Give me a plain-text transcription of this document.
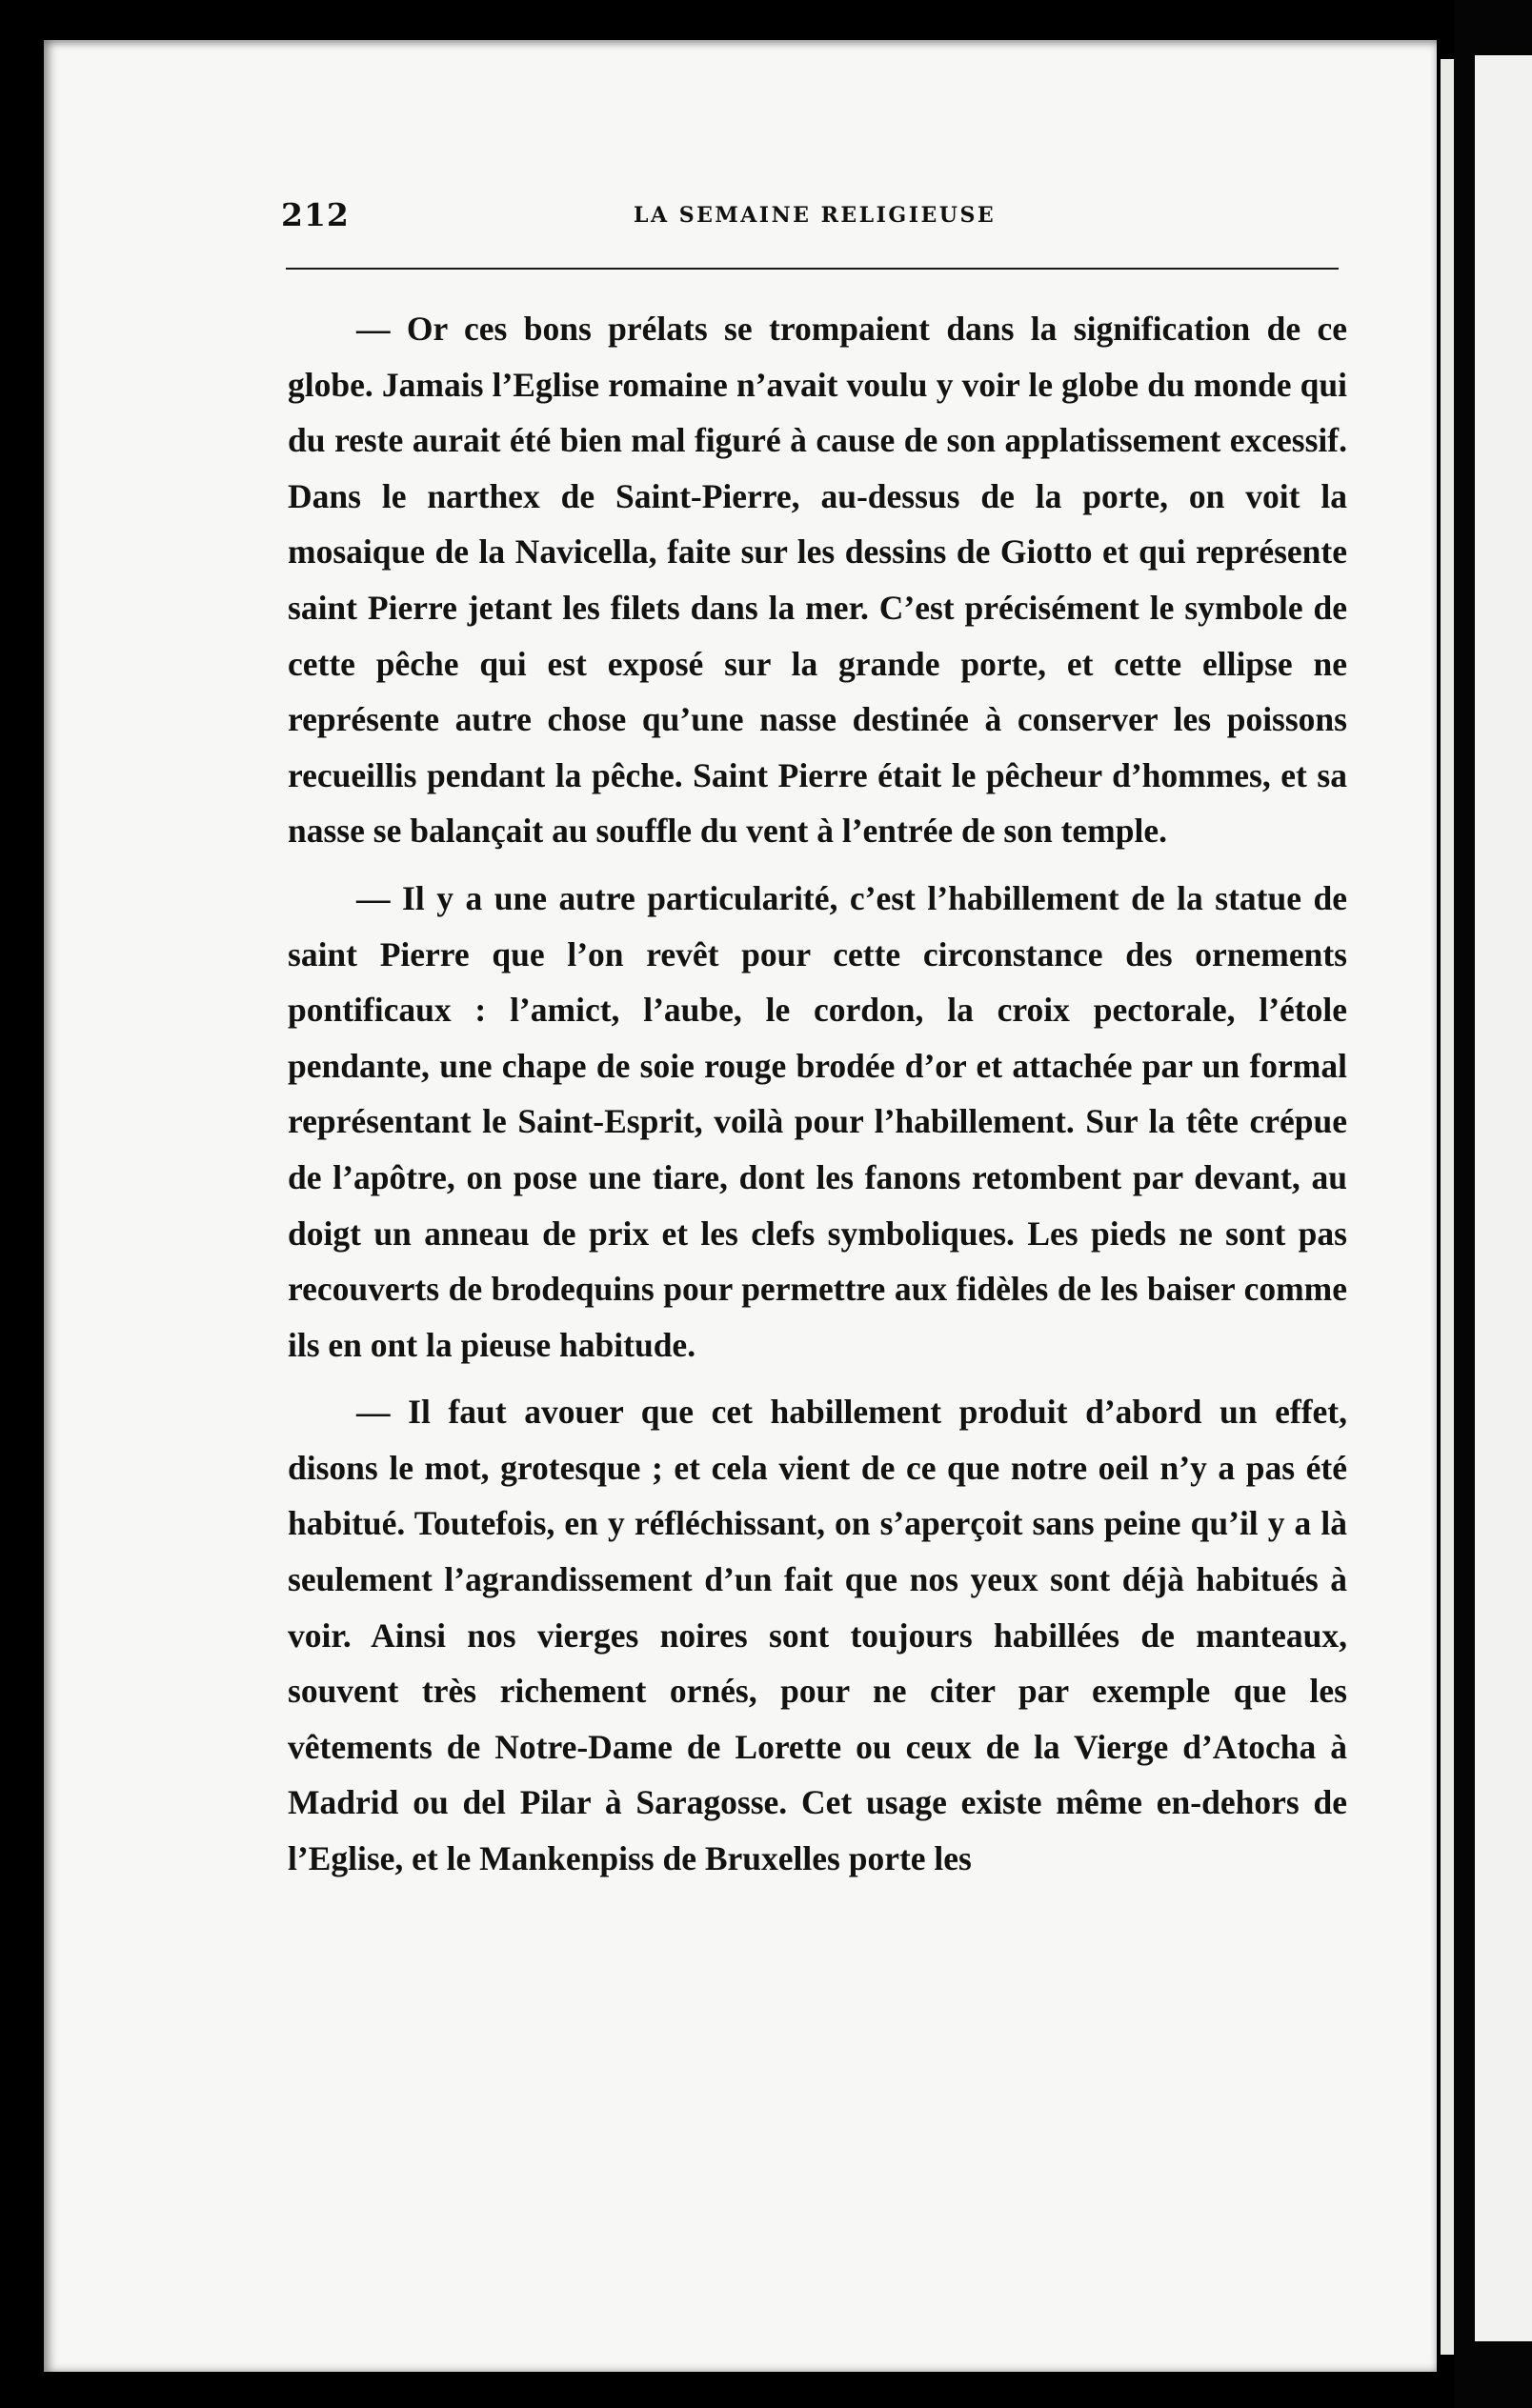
212	LA SEMAINE RELIGIEUSE

— Or ces bons prélats se trompaient dans la signification de ce globe. Jamais l’Eglise romaine n’avait voulu y voir le globe du monde qui du reste aurait été bien mal figuré à cause de son applatissement excessif. Dans le narthex de Saint-Pierre, au-dessus de la porte, on voit la mosaique de la Navicella, faite sur les dessins de Giotto et qui représente saint Pierre jetant les filets dans la mer. C’est précisément le symbole de cette pêche qui est exposé sur la grande porte, et cette ellipse ne représente autre chose qu’une nasse destinée à conserver les poissons recueillis pendant la pêche. Saint Pierre était le pêcheur d’hommes, et sa nasse se balançait au souffle du vent à l’entrée de son temple.

— Il y a une autre particularité, c’est l’habillement de la statue de saint Pierre que l’on revêt pour cette circonstance des ornements pontificaux : l’amict, l’aube, le cordon, la croix pectorale, l’étole pendante, une chape de soie rouge brodée d’or et attachée par un formal représentant le Saint-Esprit, voilà pour l’habillement. Sur la tête crépue de l’apôtre, on pose une tiare, dont les fanons retombent par devant, au doigt un anneau de prix et les clefs symboliques. Les pieds ne sont pas recouverts de brodequins pour permettre aux fidèles de les baiser comme ils en ont la pieuse habitude.

— Il faut avouer que cet habillement produit d’abord un effet, disons le mot, grotesque ; et cela vient de ce que notre oeil n’y a pas été habitué. Toutefois, en y réfléchissant, on s’aperçoit sans peine qu’il y a là seulement l’agrandissement d’un fait que nos yeux sont déjà habitués à voir. Ainsi nos vierges noires sont toujours habillées de manteaux, souvent très richement ornés, pour ne citer par exemple que les vêtements de Notre-Dame de Lorette ou ceux de la Vierge d’Atocha à Madrid ou del Pilar à Saragosse. Cet usage existe même en-dehors de l’Eglise, et le Mankenpiss de Bruxelles porte les
